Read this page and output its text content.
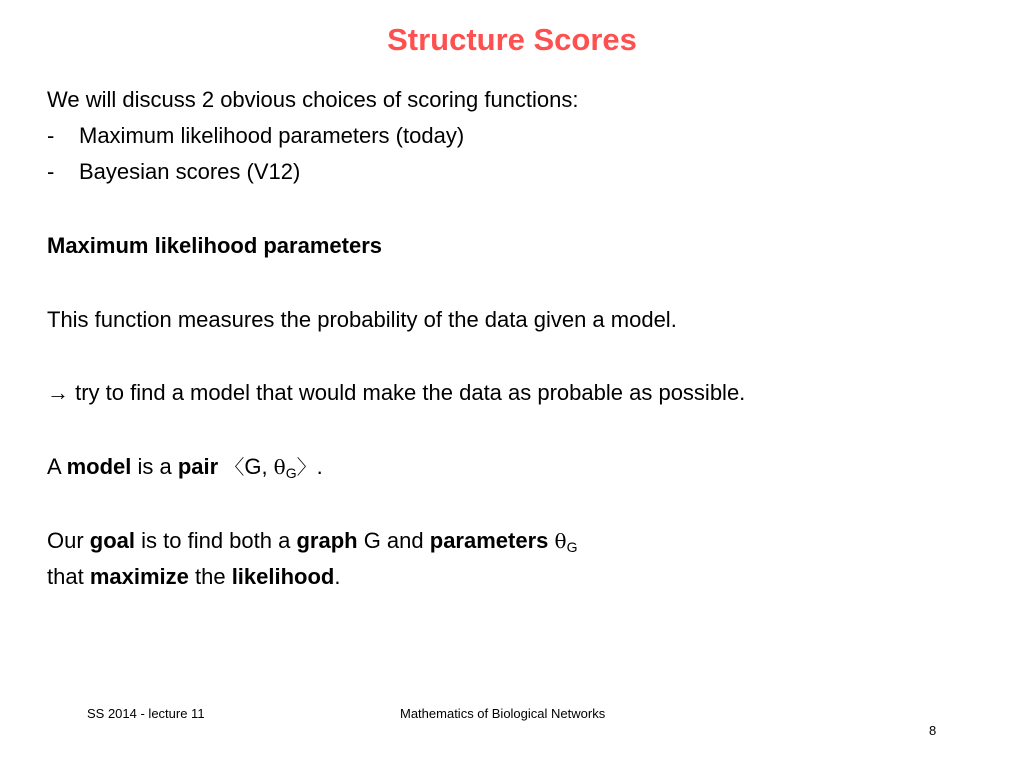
Structure Scores

We will discuss 2 obvious choices of scoring functions:

- Maximum likelihood parameters (today)

- Bayesian scores (V12)

Maximum likelihood parameters

This function measures the probability of the data given a model.

→ try to find a model that would make the data as probable as possible.

A model is a pair 〈G, $\theta_G〉$.

Our goal is to find both a graph G and parameters $\theta_G$

that maximize the likelihood.

SS 2014 - lecture 11	Mathematics of Biological Networks
8
